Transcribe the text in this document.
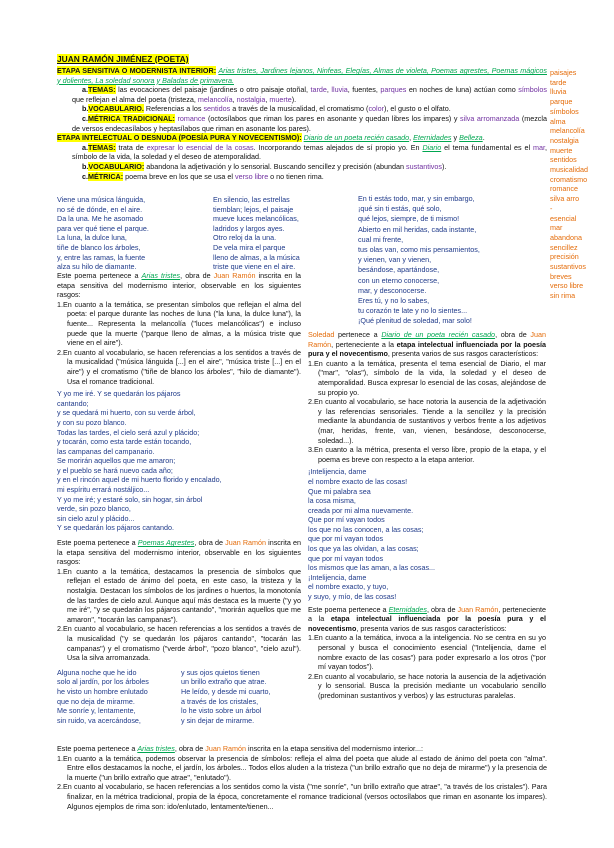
JUAN RAMÓN JIMÉNEZ (POETA)

ETAPA SENSITIVA O MODERNISTA INTERIOR: Arias tristes, Jardines lejanos, Ninfeas, Elegías, Almas de violeta, Poemas agrestes, Poemas mágicos y dolientes, La soledad sonora y Baladas de primavera.

a.TEMAS: las evocaciones del paisaje (jardines o otro paisaje otoñal, tarde, lluvia, fuentes, parques en noches de luna) actúan como símbolos que reflejan el alma del poeta (tristeza, melancolía, nostalgia, muerte).

b.VOCABULARIO. Referencias a los sentidos a través de la musicalidad, el cromatismo (color), el gusto o el olfato.

c.MÉTRICA TRADICIONAL: romance (octosílabos que riman los pares en asonante y quedan libres los impares) y silva arromanzada (mezcla de versos endecasílabos y heptasílabos que riman en asonante los pares).

ETAPA INTELECTUAL O DESNUDA (POESÍA PURA Y NOVECENTISMO): Diario de un poeta recién casado, Eternidades y Belleza.

a.TEMAS: trata de expresar lo esencial de la cosas. Incorporando temas alejados de sí propio yo. En Diario el tema fundamental es el mar, símbolo de la vida, la soledad y el deseo de atemporalidad.

b.VOCABULARIO: abandona la adjetivación y lo sensorial. Buscando sencillez y precisión (abundan sustantivos).

c.MÉTRICA: poema breve en los que se usa el verso libre o no tienen rima.

paisajes
tarde
lluvia
parque
símbolos
alma
melancolía
nostalgia
muerte
sentidos
musicalidad
cromatismo
romance
silva arro
-
esencial
mar
abandona
sencillez
precisión
sustantivos
breves
verso libre
sin rima
Viene una música lánguida,
no sé de dónde, en el aire.
Da la una. Me he asomado
para ver qué tiene el parque.
La luna, la dulce luna,
tiñe de blanco los árboles,
y, entre las ramas, la fuente
alza su hilo de diamante.
En silencio, las estrellas
tiemblan; lejos, el paisaje
mueve luces melancólicas,
ladridos y largos ayes.
Otro reloj da la una.
De vela mira el parque
lleno de almas, a la música
triste que viene en el aire.
En ti estás todo, mar, y sin embargo,
¡qué sin ti estás, qué solo,
qué lejos, siempre, de ti mismo!
Abierto en mil heridas, cada instante,
cual mi frente,
tus olas van, como mis pensamientos,
y vienen, van y vienen,
besándose, apartándose,
con un eterno conocerse,
mar, y desconocerse.
Eres tú, y no lo sabes,
tu corazón te late y no lo sientes...
¡Qué plenitud de soledad, mar solo!

Este poema pertenece a Arias tristes, obra de Juan Ramón inscrita en la etapa sensitiva del modernismo interior, observable en los siguientes rasgos:

1.En cuanto a la temática, se presentan símbolos que reflejan el alma del poeta: el parque durante las noches de luna ("la luna, la dulce luna"), la fuente... Representa la melancolía ("luces melancólicas") e incluso puede que la muerte ("parque lleno de almas, a la música triste que viene en el aire").

2.En cuanto al vocabulario, se hacen referencias a los sentidos a través de la musicalidad ("música lánguida [...] en el aire", "música triste [...] en el aire") y el cromatismo ("tiñe de blanco los árboles", "hilo de diamante"). Usa el romance tradicional.

Y yo me iré. Y se quedarán los pájaros
cantando;
y se quedará mi huerto, con su verde árbol,
y con su pozo blanco.
Todas las tardes, el cielo será azul y plácido;
y tocarán, como esta tarde están tocando,
las campanas del campanario.
Se morirán aquellos que me amaron;
y el pueblo se hará nuevo cada año;
y en el rincón aquel de mi huerto florido y encalado,
mi espíritu errará nostáljico...
Y yo me iré; y estaré solo, sin hogar, sin árbol
verde, sin pozo blanco,
sin cielo azul y plácido...
Y se quedarán los pájaros cantando.

Este poema pertenece a Poemas Agrestes, obra de Juan Ramón inscrita en la etapa sensitiva del modernismo interior, observable en los siguientes rasgos:

1.En cuanto a la temática, destacamos la presencia de símbolos que reflejan el estado de ánimo del poeta, en este caso, la tristeza y la nostalgia. Destacan los símbolos de los jardines o huertos, la monotonía de las tardes de cielo azul. Aunque aquí más destaca es la muerte ("y yo me iré", "y se quedarán los pájaros cantando", "morirán aquellos que me amaron", "tocarán las campanas").

2.En cuanto al vocabulario, se hacen referencias a los sentidos a través de la musicalidad ("y se quedarán los pájaros cantando", "tocarán las campanas") y el cromatismo ("verde árbol", "pozo blanco", "cielo azul"). Usa la silva arromanzada.

Alguna noche que he ido
solo al jardín, por los árboles
he visto un hombre enlutado
que no deja de mirarme.
Me sonríe y, lentamente,
sin ruido, va acercándose,
y sus ojos quietos tienen
un brillo extraño que atrae.
He leído, y desde mi cuarto,
a través de los cristales,
lo he visto sobre un árbol
y sin dejar de mirarme.

Soledad pertenece a Diario de un poeta recién casado, obra de Juan Ramón, perteneciente a la etapa intelectual influenciada por la poesía pura y el novecentismo, presenta varios de sus rasgos característicos:

1.En cuanto a la temática, presenta el tema esencial de Diario, el mar ("mar", "olas"), símbolo de la vida, la soledad y el deseo de atemporalidad. Busca expresar lo esencial de las cosas, alejándose de su propio yo.

2.En cuanto al vocabulario, se hace notoria la ausencia de la adjetivación y las referencias sensoriales. Tiende a la sencillez y la precisión mediante la abundancia de sustantivos y verbos frente a los adjetivos (mar, heridas, frente, van, vienen, besándose, desconocerse, soledad...).

3.En cuanto a la métrica, presenta el verso libre, propio de la etapa, y el poema es breve con respecto a la etapa anterior.

¡Intelijencia, dame
el nombre exacto de las cosas!
Que mi palabra sea
la cosa misma,
creada por mi alma nuevamente.
Que por mí vayan todos
los que no las conocen, a las cosas;
que por mí vayan todos
los que ya las olvidan, a las cosas;
que por mí vayan todos
los mismos que las aman, a las cosas...
¡Intelijencia, dame
el nombre exacto, y tuyo,
y suyo, y mío, de las cosas!

Este poema pertenece a Eternidades, obra de Juan Ramón, perteneciente a la etapa intelectual influenciada por la poesía pura y el novecentismo, presenta varios de sus rasgos característicos:

1.En cuanto a la temática, invoca a la inteligencia. No se centra en su yo personal y busca el conocimiento esencial ("Intelijencia, dame el nombre exacto de las cosas") para poder expresarlo a los otros ("por mí vayan todos").

2.En cuanto al vocabulario, se hace notoria la ausencia de la adjetivación y lo sensorial. Busca la precisión mediante un vocabulario sencillo (predominan sustantivos y verbos) y las estructuras paralelas.

Este poema pertenece a Arias tristes, obra de Juan Ramón inscrita en la etapa sensitiva del modernismo interior...:

1.En cuanto a la temática, podemos observar la presencia de símbolos: refleja el alma del poeta que alude al estado de ánimo del poeta con "alma". Entre ellos destacamos la noche, el jardín, los árboles... Todos ellos aluden a la tristeza ("un brillo extraño que no deja de mirarme") y la presencia de la muerte ("un brillo extraño que atrae", "enlutado").

2.En cuanto al vocabulario, se hacen referencias a los sentidos como la vista ("me sonríe", "un brillo extraño que atrae", "a través de los cristales"). Para finalizar, en la métrica tradicional, propia de la época, concretamente el romance tradicional (versos octosílabos que riman en asonante los impares). Algunos ejemplos de rima son: ido/enlutado, lentamente/tienen...
